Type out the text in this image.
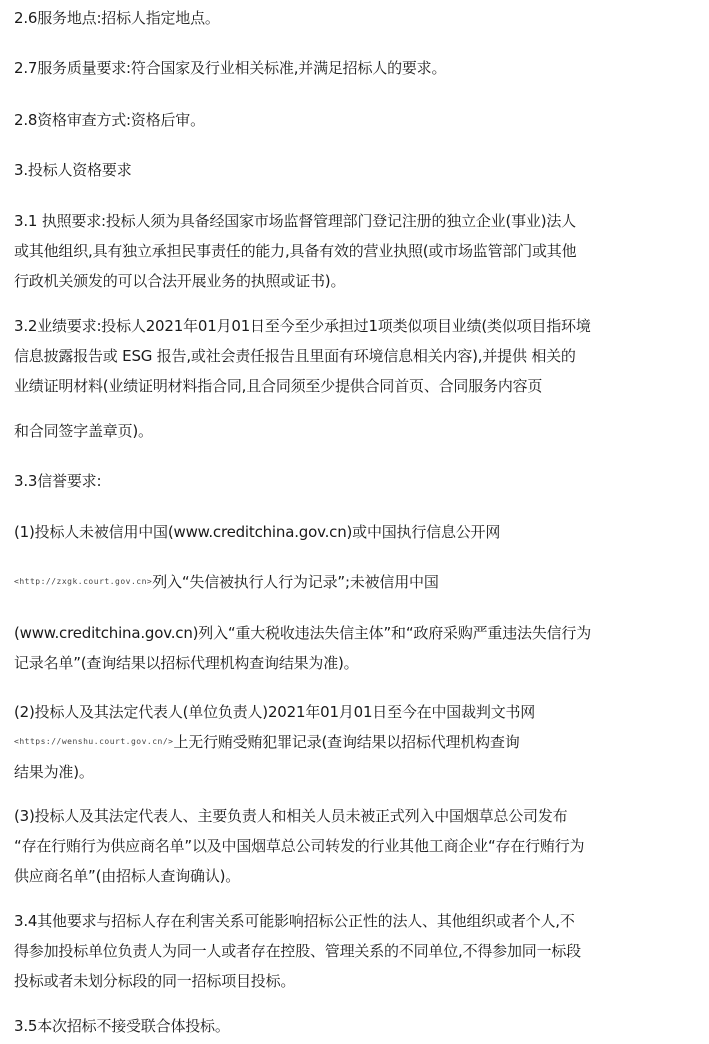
2.6服务地点:招标人指定地点。

2.7服务质量要求:符合国家及行业相关标准,并满足招标人的要求。

2.8资格审查方式:资格后审。

3.投标人资格要求

3.1 执照要求:投标人须为具备经国家市场监督管理部门登记注册的独立企业(事业)法人
或其他组织,具有独立承担民事责任的能力,具备有效的营业执照(或市场监管部门或其他
行政机关颁发的可以合法开展业务的执照或证书)。

3.2业绩要求:投标人2021年01月01日至今至少承担过1项类似项目业绩(类似项目指环境
信息披露报告或 ESG 报告,或社会责任报告且里面有环境信息相关内容),并提供 相关的
业绩证明材料(业绩证明材料指合同,且合同须至少提供合同首页、合同服务内容页

和合同签字盖章页)。

3.3信誉要求:

(1)投标人未被信用中国(www.creditchina.gov.cn)或中国执行信息公开网

$^{<http://zxgk.court.gov.cn>}$列入“失信被执行人行为记录”;未被信用中国

(www.creditchina.gov.cn)列入“重大税收违法失信主体”和“政府采购严重违法失信行为
记录名单”(查询结果以招标代理机构查询结果为准)。

(2)投标人及其法定代表人(单位负责人)2021年01月01日至今在中国裁判文书网
$^{<https://wenshu.court.gov.cn/>}$上无行贿受贿犯罪记录(查询结果以招标代理机构查询
结果为准)。

(3)投标人及其法定代表人、主要负责人和相关人员未被正式列入中国烟草总公司发布
“存在行贿行为供应商名单”以及中国烟草总公司转发的行业其他工商企业“存在行贿行为
供应商名单”(由招标人查询确认)。

3.4其他要求与招标人存在利害关系可能影响招标公正性的法人、其他组织或者个人,不
得参加投标单位负责人为同一人或者存在控股、管理关系的不同单位,不得参加同一标段
投标或者未划分标段的同一招标项目投标。

3.5本次招标不接受联合体投标。
